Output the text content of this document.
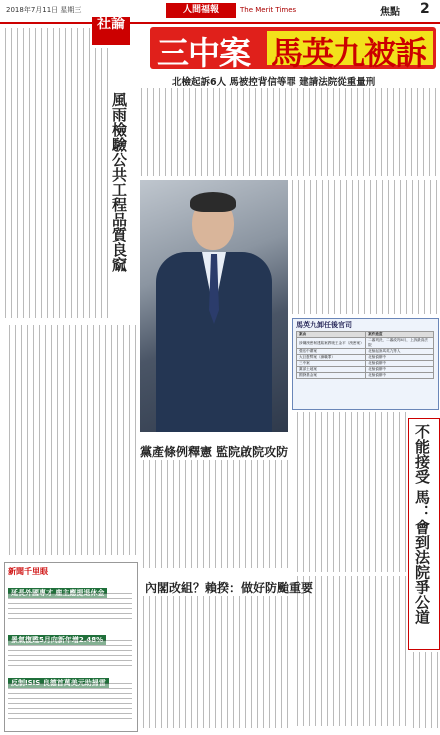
2018年7月11日 星期三	人間福報	The Merit Times	焦點 2
社論
風雨檢驗公共工程品質良窳
新聞千里眼
延長外國專才 雇主應提退休金
景氣復甦5月向新年增2.48%
反制ISIS 良德首萬美元助掃雷
三中案 馬英九被訴
北檢起訴6人 馬被控背信等罪 建請法院從重量刑
黨產條例釋憲 監院啟院攻防
馬英九卸任後官司
案由	案件進度
涉嫌洩密柯建銘案教唆王金平（洩密案）	二審判決，二審改判4月，上訴最高法院
強佔中廣案	北檢起訴馬英九等人
大巨蛋弊案（瀆職罪）	北檢偵辦中
三中案	北檢偵辦中
黨部土地案	北檢偵辦中
國發基金案	北檢偵辦中
不能接受 馬：會到法院爭公道
內閣改組？賴揆：做好防颱重要
